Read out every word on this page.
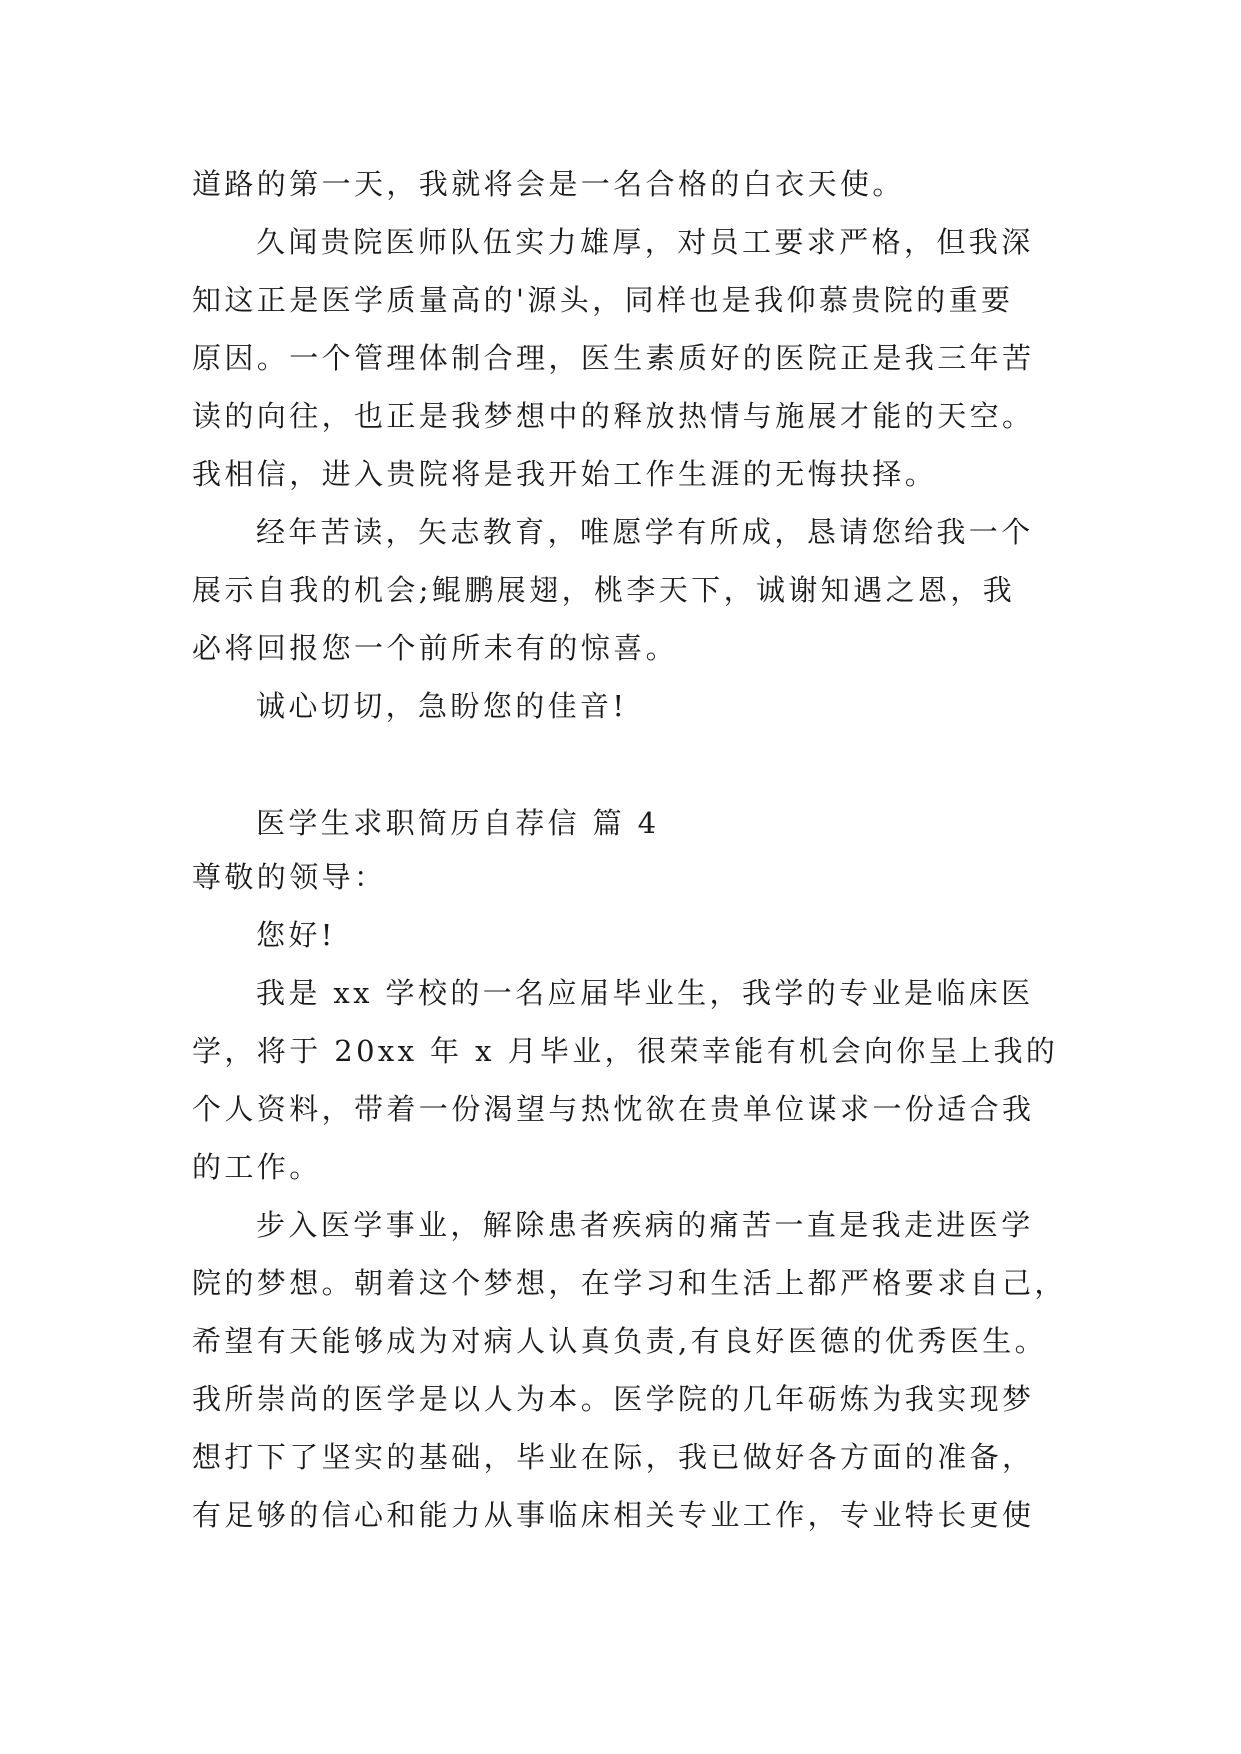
道路的第一天，我就将会是一名合格的白衣天使。
久闻贵院医师队伍实力雄厚，对员工要求严格，但我深
知这正是医学质量高的'源头，同样也是我仰慕贵院的重要
原因。一个管理体制合理，医生素质好的医院正是我三年苦
读的向往，也正是我梦想中的释放热情与施展才能的天空。
我相信，进入贵院将是我开始工作生涯的无悔抉择。
经年苦读，矢志教育，唯愿学有所成，恳请您给我一个
展示自我的机会;鲲鹏展翅，桃李天下，诚谢知遇之恩，我
必将回报您一个前所未有的惊喜。
诚心切切，急盼您的佳音!
医学生求职简历自荐信 篇 4
尊敬的领导：
您好!
我是 xx 学校的一名应届毕业生，我学的专业是临床医
学，将于 20xx 年 x 月毕业，很荣幸能有机会向你呈上我的
个人资料，带着一份渴望与热忱欲在贵单位谋求一份适合我
的工作。
步入医学事业，解除患者疾病的痛苦一直是我走进医学
院的梦想。朝着这个梦想，在学习和生活上都严格要求自己，
希望有天能够成为对病人认真负责,有良好医德的优秀医生。
我所崇尚的医学是以人为本。医学院的几年砺炼为我实现梦
想打下了坚实的基础，毕业在际，我已做好各方面的准备，
有足够的信心和能力从事临床相关专业工作，专业特长更使
